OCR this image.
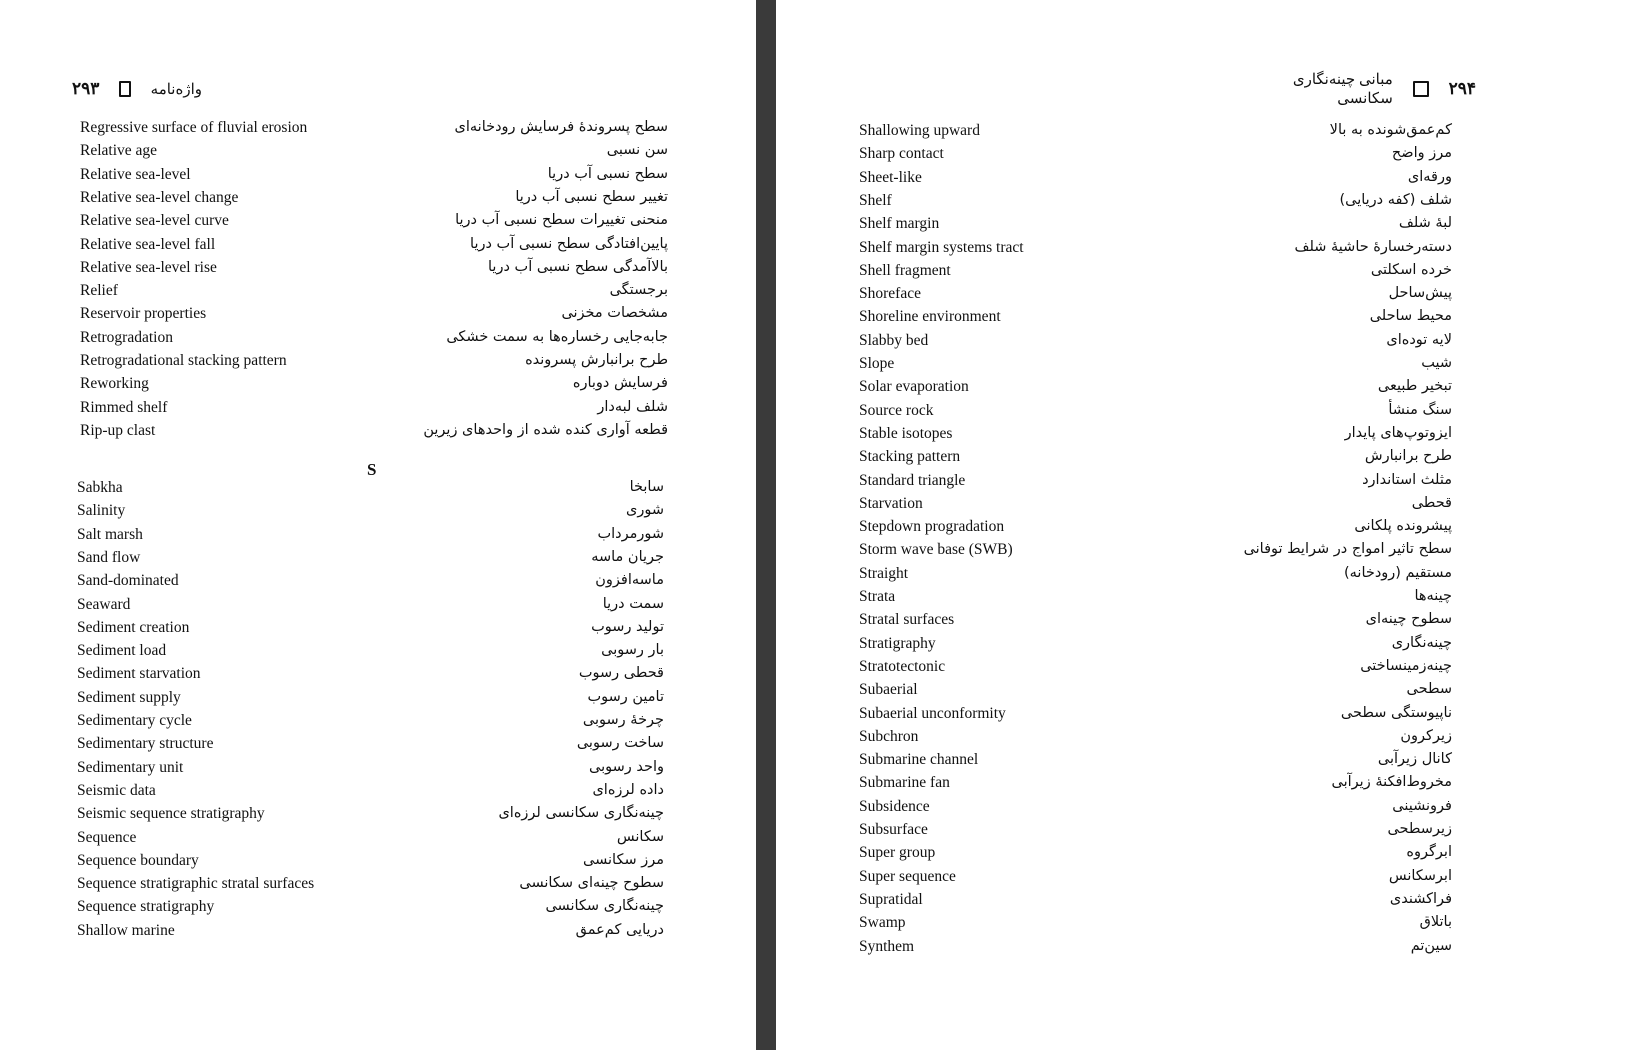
واژه‌نامه
۲۹۳
Regressive surface of fluvial erosion	سطح پسروندهٔ فرسایش رودخانه‌ای
Relative age	سن نسبی
Relative sea-level	سطح نسبی آب دریا
Relative sea-level change	تغییر سطح نسبی آب دریا
Relative sea-level curve	منحنی تغییرات سطح نسبی آب دریا
Relative sea-level fall	پایین‌افتادگی سطح نسبی آب دریا
Relative sea-level rise	بالاآمدگی سطح نسبی آب دریا
Relief	برجستگی
Reservoir properties	مشخصات مخزنی
Retrogradation	جابه‌جایی رخساره‌ها به سمت خشکی
Retrogradational stacking pattern	طرح برانبارش پسرونده
Reworking	فرسایش دوباره
Rimmed shelf	شلف لبه‌دار
Rip-up clast	قطعه آواری کنده شده از واحدهای زیرین
S
Sabkha	سابخا
Salinity	شوری
Salt marsh	شورمرداب
Sand flow	جریان ماسه
Sand-dominated	ماسه‌افزون
Seaward	سمت دریا
Sediment creation	تولید رسوب
Sediment load	بار رسوبی
Sediment starvation	قحطی رسوب
Sediment supply	تامین رسوب
Sedimentary cycle	چرخهٔ رسوبی
Sedimentary structure	ساخت رسوبی
Sedimentary unit	واحد رسوبی
Seismic data	داده لرزه‌ای
Seismic sequence stratigraphy	چینه‌نگاری سکانسی لرزه‌ای
Sequence	سکانس
Sequence boundary	مرز سکانسی
Sequence stratigraphic stratal surfaces	سطوح چینه‌ای سکانسی
Sequence stratigraphy	چینه‌نگاری سکانسی
Shallow marine	دریایی کم‌عمق
۲۹۴
مبانی چینه‌نگاری سکانسی
Shallowing upward	کم‌عمق‌شونده به بالا
Sharp contact	مرز واضح
Sheet-like	ورقه‌ای
Shelf	شلف (کفه دریایی)
Shelf margin	لبهٔ شلف
Shelf margin systems tract	دسته‌رخسارهٔ حاشیهٔ شلف
Shell fragment	خرده اسکلتی
Shoreface	پیش‌ساحل
Shoreline environment	محیط ساحلی
Slabby bed	لایه توده‌ای
Slope	شیب
Solar evaporation	تبخیر طبیعی
Source rock	سنگ منشأ
Stable isotopes	ایزوتوپ‌های پایدار
Stacking pattern	طرح برانبارش
Standard triangle	مثلث استاندارد
Starvation	قحطی
Stepdown progradation	پیشرونده پلکانی
Storm wave base (SWB)	سطح تاثیر امواج در شرایط توفانی
Straight	مستقیم (رودخانه)
Strata	چینه‌ها
Stratal surfaces	سطوح چینه‌ای
Stratigraphy	چینه‌نگاری
Stratotectonic	چینه‌زمینساختی
Subaerial	سطحی
Subaerial unconformity	ناپیوستگی سطحی
Subchron	زیرکرون
Submarine channel	کانال زیرآبی
Submarine fan	مخروط‌افکنهٔ زیرآبی
Subsidence	فرونشینی
Subsurface	زیرسطحی
Super group	ابرگروه
Super sequence	ابرسکانس
Supratidal	فراکشندی
Swamp	باتلاق
Synthem	سین‌تم
